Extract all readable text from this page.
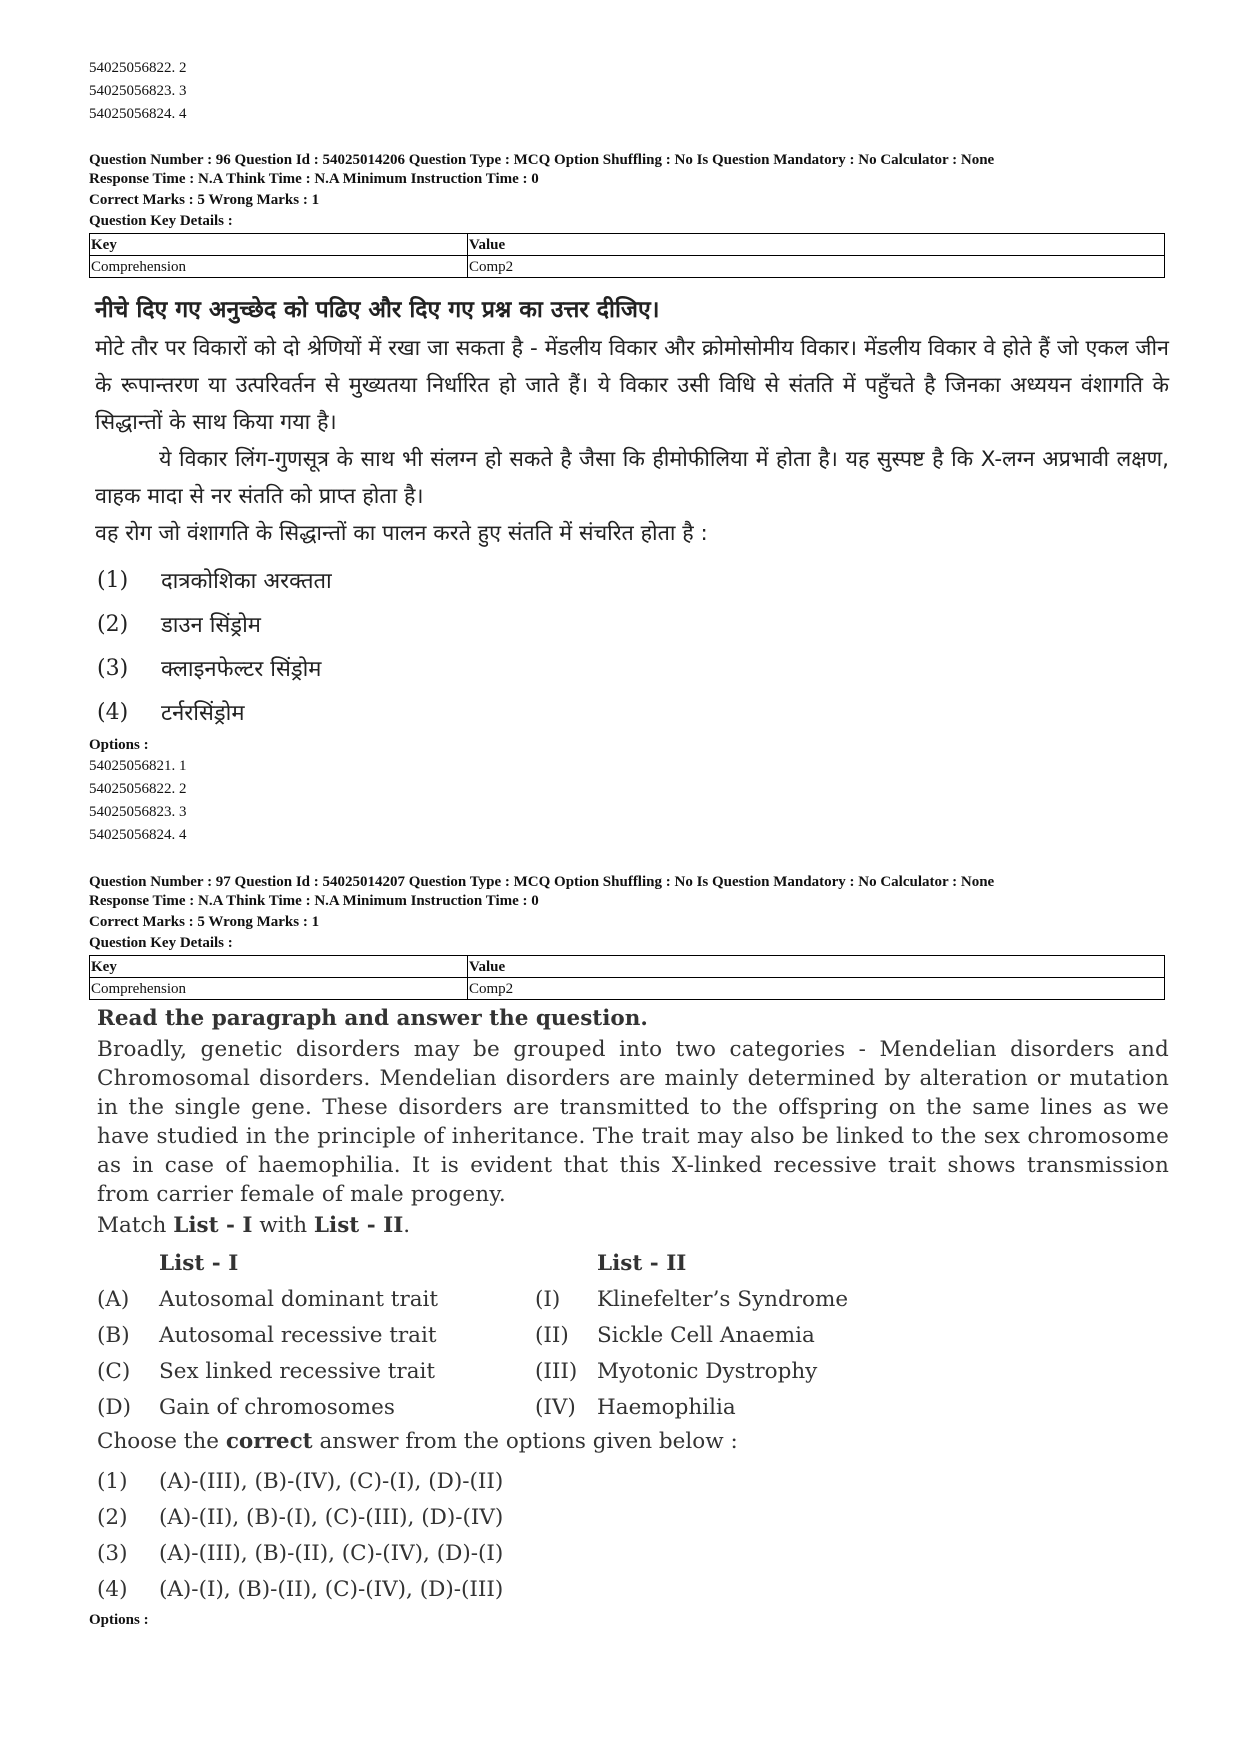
54025056822. 2
54025056823. 3
54025056824. 4
Question Number : 96 Question Id : 54025014206 Question Type : MCQ Option Shuffling : No Is Question Mandatory : No Calculator : None
Response Time : N.A Think Time : N.A Minimum Instruction Time : 0
Correct Marks : 5 Wrong Marks : 1
Question Key Details :
Key	Value
Comprehension	Comp2
नीचे दिए गए अनुच्छेद को पढिए और दिए गए प्रश्न का उत्तर दीजिए।

मोटे तौर पर विकारों को दो श्रेणियों में रखा जा सकता है - मेंडलीय विकार और क्रोमोसोमीय विकार। मेंडलीय विकार वे होते हैं जो एकल जीन के रूपान्तरण या उत्परिवर्तन से मुख्यतया निर्धारित हो जाते हैं। ये विकार उसी विधि से संतति में पहुँचते है जिनका अध्ययन वंशागति के सिद्धान्तों के साथ किया गया है।

ये विकार लिंग-गुणसूत्र के साथ भी संलग्न हो सकते है जैसा कि हीमोफीलिया में होता है। यह सुस्पष्ट है कि X-लग्न अप्रभावी लक्षण, वाहक मादा से नर संतति को प्राप्त होता है।

वह रोग जो वंशागति के सिद्धान्तों का पालन करते हुए संतति में संचरित होता है :

(1)	दात्रकोशिका अरक्तता
(2)	डाउन सिंड्रोम
(3)	क्लाइनफेल्टर सिंड्रोम
(4)	टर्नरसिंड्रोम
Options :
54025056821. 1
54025056822. 2
54025056823. 3
54025056824. 4
Question Number : 97 Question Id : 54025014207 Question Type : MCQ Option Shuffling : No Is Question Mandatory : No Calculator : None
Response Time : N.A Think Time : N.A Minimum Instruction Time : 0
Correct Marks : 5 Wrong Marks : 1
Question Key Details :
Key	Value
Comprehension	Comp2
Read the paragraph and answer the question.

Broadly, genetic disorders may be grouped into two categories - Mendelian disorders and Chromosomal disorders. Mendelian disorders are mainly determined by alteration or mutation in the single gene. These disorders are transmitted to the offspring on the same lines as we have studied in the principle of inheritance. The trait may also be linked to the sex chromosome as in case of haemophilia. It is evident that this X-linked recessive trait shows transmission from carrier female of male progeny.

Match List - I with List - II.
List - I	List - II
(A)	Autosomal dominant trait	(I)	Klinefelter’s Syndrome
(B)	Autosomal recessive trait	(II)	Sickle Cell Anaemia
(C)	Sex linked recessive trait	(III) Myotonic Dystrophy
(D)	Gain of chromosomes	(IV) Haemophilia
Choose the correct answer from the options given below :
(1)	(A)-(III), (B)-(IV), (C)-(I), (D)-(II)
(2)	(A)-(II), (B)-(I), (C)-(III), (D)-(IV)
(3)	(A)-(III), (B)-(II), (C)-(IV), (D)-(I)
(4)	(A)-(I), (B)-(II), (C)-(IV), (D)-(III)
Options :
